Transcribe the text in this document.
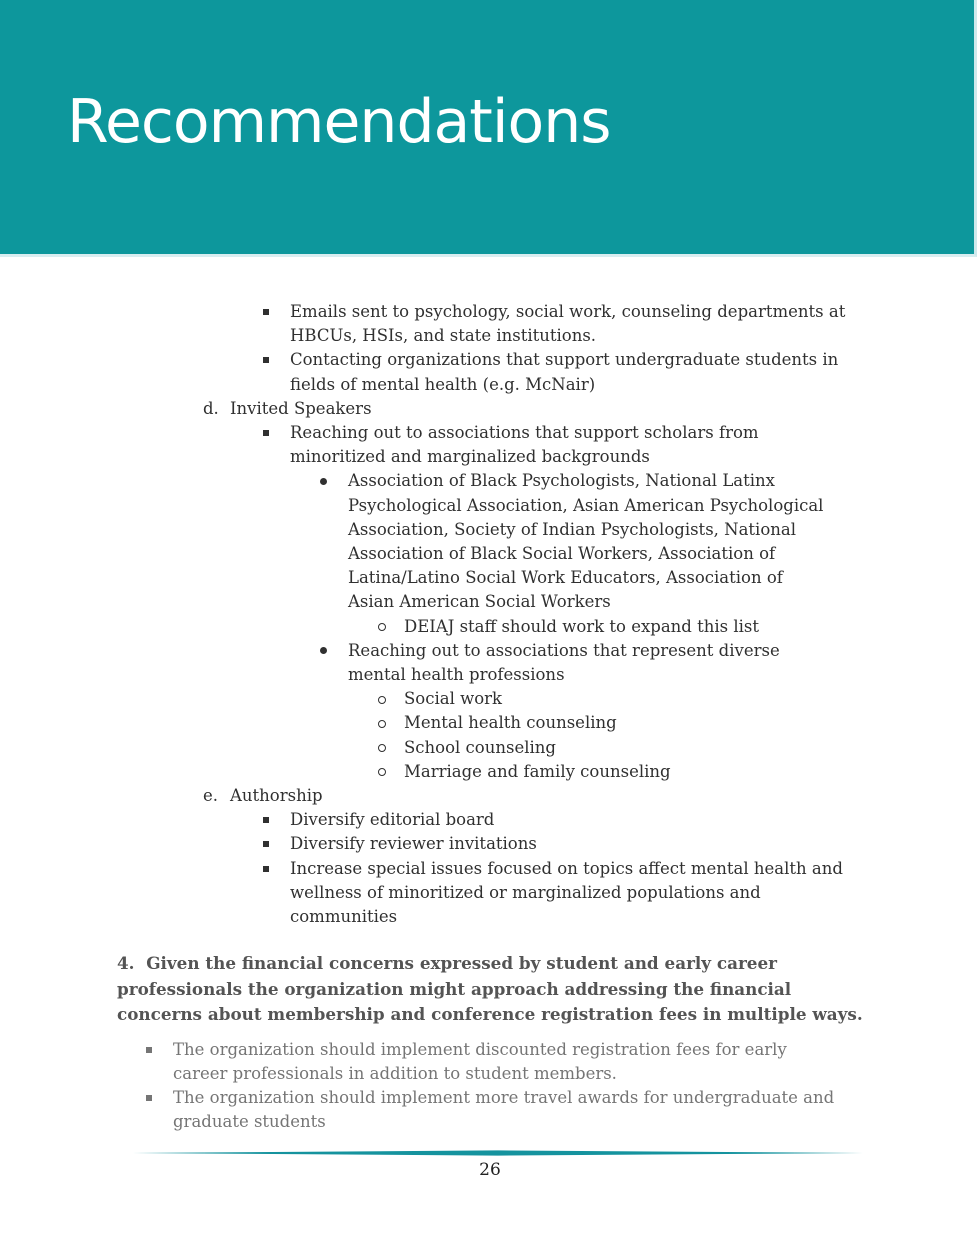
Recommendations
Emails sent to psychology, social work, counseling departments at HBCUs, HSIs, and state institutions.
Contacting organizations that support undergraduate students in fields of mental health (e.g. McNair)
d. Invited Speakers
Reaching out to associations that support scholars from minoritized and marginalized backgrounds
Association of Black Psychologists, National Latinx Psychological Association, Asian American Psychological Association, Society of Indian Psychologists, National Association of Black Social Workers, Association of Latina/Latino Social Work Educators, Association of Asian American Social Workers
DEIAJ staff should work to expand this list
Reaching out to associations that represent diverse mental health professions
Social work
Mental health counseling
School counseling
Marriage and family counseling
e. Authorship
Diversify editorial board
Diversify reviewer invitations
Increase special issues focused on topics affect mental health and wellness of minoritized or marginalized populations and communities
4.  Given the financial concerns expressed by student and early career professionals the organization might approach addressing the financial concerns about membership and conference registration fees in multiple ways.
The organization should implement discounted registration fees for early career professionals in addition to student members.
The organization should implement more travel awards for undergraduate and graduate students
26
